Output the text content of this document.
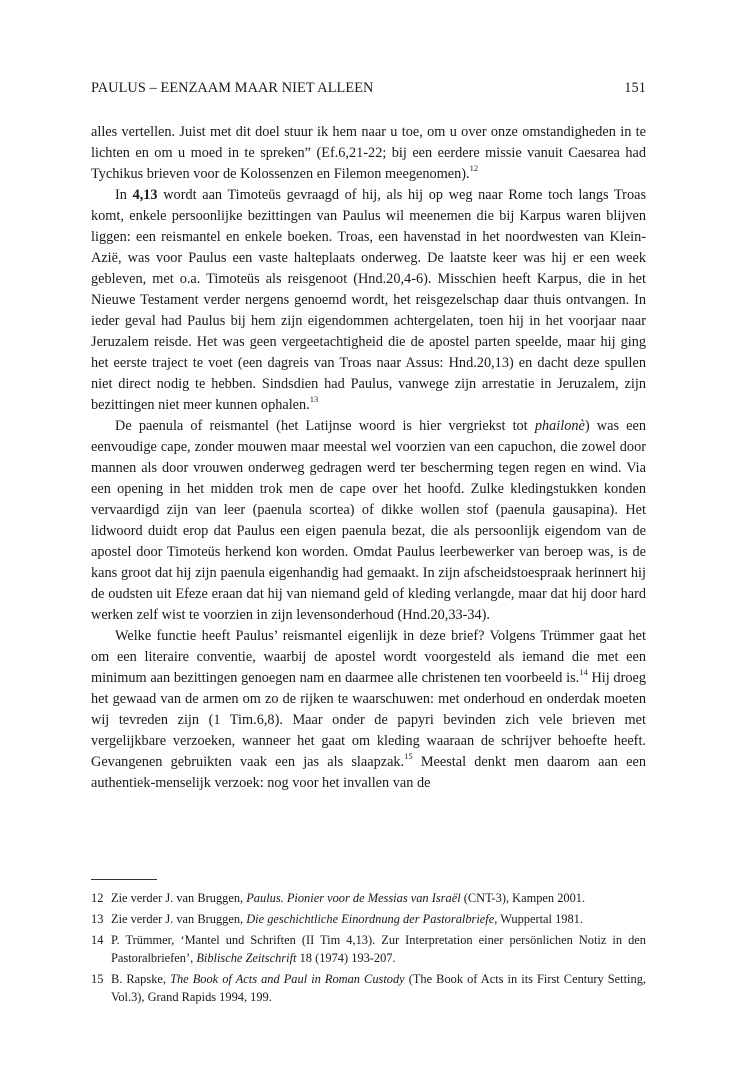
PAULUS – EENZAAM MAAR NIET ALLEEN	151

alles vertellen. Juist met dit doel stuur ik hem naar u toe, om u over onze omstandigheden in te lichten en om u moed in te spreken” (Ef.6,21-22; bij een eerdere missie vanuit Caesarea had Tychikus brieven voor de Kolossenzen en Filemon meegenomen).$^{12}$

In 4,13 wordt aan Timoteüs gevraagd of hij, als hij op weg naar Rome toch langs Troas komt, enkele persoonlijke bezittingen van Paulus wil meenemen die bij Karpus waren blijven liggen: een reismantel en enkele boeken. Troas, een havenstad in het noordwesten van Klein-Azië, was voor Paulus een vaste halteplaats onderweg. De laatste keer was hij er een week gebleven, met o.a. Timoteüs als reisgenoot (Hnd.20,4-6). Misschien heeft Karpus, die in het Nieuwe Testament verder nergens genoemd wordt, het reisgezelschap daar thuis ontvangen. In ieder geval had Paulus bij hem zijn eigendommen achtergelaten, toen hij in het voorjaar naar Jeruzalem reisde. Het was geen vergeetachtigheid die de apostel parten speelde, maar hij ging het eerste traject te voet (een dagreis van Troas naar Assus: Hnd.20,13) en dacht deze spullen niet direct nodig te hebben. Sindsdien had Paulus, vanwege zijn arrestatie in Jeruzalem, zijn bezittingen niet meer kunnen ophalen.$^{13}$

De paenula of reismantel (het Latijnse woord is hier vergriekst tot phailonè) was een eenvoudige cape, zonder mouwen maar meestal wel voorzien van een capuchon, die zowel door mannen als door vrouwen onderweg gedragen werd ter bescherming tegen regen en wind. Via een opening in het midden trok men de cape over het hoofd. Zulke kledingstukken konden vervaardigd zijn van leer (paenula scortea) of dikke wollen stof (paenula gausapina). Het lidwoord duidt erop dat Paulus een eigen paenula bezat, die als persoonlijk eigendom van de apostel door Timoteüs herkend kon worden. Omdat Paulus leerbewerker van beroep was, is de kans groot dat hij zijn paenula eigenhandig had gemaakt. In zijn afscheidstoespraak herinnert hij de oudsten uit Efeze eraan dat hij van niemand geld of kleding verlangde, maar dat hij door hard werken zelf wist te voorzien in zijn levensonderhoud (Hnd.20,33-34).

Welke functie heeft Paulus’ reismantel eigenlijk in deze brief? Volgens Trümmer gaat het om een literaire conventie, waarbij de apostel wordt voorgesteld als iemand die met een minimum aan bezittingen genoegen nam en daarmee alle christenen ten voorbeeld is.$^{14}$ Hij droeg het gewaad van de armen om zo de rijken te waarschuwen: met onderhoud en onderdak moeten wij tevreden zijn (1 Tim.6,8). Maar onder de papyri bevinden zich vele brieven met vergelijkbare verzoeken, wanneer het gaat om kleding waaraan de schrijver behoefte heeft. Gevangenen gebruikten vaak een jas als slaapzak.$^{15}$ Meestal denkt men daarom aan een authentiek-menselijk verzoek: nog voor het invallen van de

12 Zie verder J. van Bruggen, Paulus. Pionier voor de Messias van Israël (CNT-3), Kampen 2001.
13 Zie verder J. van Bruggen, Die geschichtliche Einordnung der Pastoralbriefe, Wuppertal 1981.
14 P. Trümmer, ‘Mantel und Schriften (II Tim 4,13). Zur Interpretation einer persönlichen Notiz in den Pastoralbriefen’, Biblische Zeitschrift 18 (1974) 193-207.
15 B. Rapske, The Book of Acts and Paul in Roman Custody (The Book of Acts in its First Century Setting, Vol.3), Grand Rapids 1994, 199.
